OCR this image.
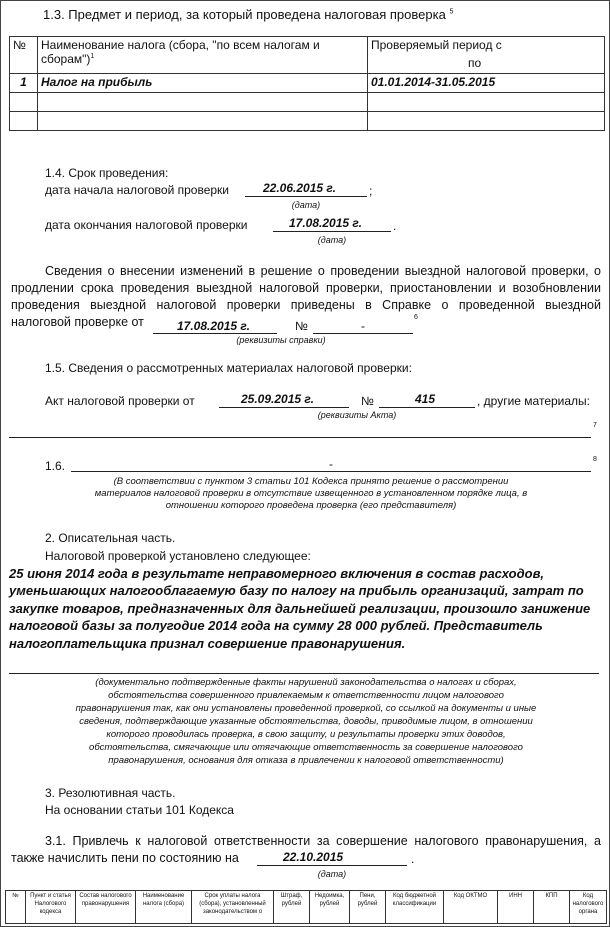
1.3. Предмет и период, за который проведена налоговая проверка $^5$
№	Наименование налога (сбора, "по всем налогам и сборам")$^1$	Проверяемый период с
по

1	Налог на прибыль	01.01.2014-31.05.2015

1.4. Срок проведения:
дата начала налоговой проверки	22.06.2015 г.	;
(дата)
дата окончания налоговой проверки	17.08.2015 г.	.
(дата)
Сведения о внесении изменений в решение о проведении выездной налоговой проверки, о продлении срока проведения выездной налоговой проверки, приостановлении и возобновлении проведения выездной налоговой проверки приведены в Справке о проведенной выездной налоговой проверке от	17.08.2015 г.	№	-
6
(реквизиты справки)
1.5. Сведения о рассмотренных материалах налоговой проверки:
Акт налоговой проверки от	25.09.2015 г.	№	415	, другие материалы:
(реквизиты Акта)
7
1.6.	-	8
(В соответствии с пунктом 3 статьи 101 Кодекса принято решение о рассмотрении материалов налоговой проверки в отсутствие извещенного в установленном порядке лица, в отношении которого проведена проверка (его представителя)
2. Описательная часть.
Налоговой проверкой установлено следующее:
25 июня 2014 года в результате неправомерного включения в состав расходов, уменьшающих налогооблагаемую базу по налогу на прибыль организаций, затрат по закупке товаров, предназначенных для дальнейшей реализации, произошло занижение налоговой базы за полугодие 2014 года на сумму 28 000 рублей. Представитель налогоплательщика признал совершение правонарушения.
(документально подтвержденные факты нарушений законодательства о налогах и сборах, обстоятельства совершенного привлекаемым к ответственности лицом налогового правонарушения так, как они установлены проведенной проверкой, со ссылкой на документы и иные сведения, подтверждающие указанные обстоятельства, доводы, приводимые лицом, в отношении которого проводилась проверка, в свою защиту, и результаты проверки этих доводов, обстоятельства, смягчающие или отягчающие ответственность за совершение налогового правонарушения, основания для отказа в привлечении к налоговой ответственности)
3. Резолютивная часть.
На основании статьи 101 Кодекса
3.1. Привлечь к налоговой ответственности за совершение налогового правонарушения, а также начислить пени по состоянию на	22.10.2015	.
(дата)
№	Пункт и статья Налогового кодекса	Состав налогового правонарушения	Наименование налога (сбора)	Срок уплаты налога (сбора), установленный законодательством о	Штраф, рублей	Недоимка, рублей	Пени, рублей	Код бюджетной классификации	Код ОКТМО	ИНН	КПП	Код налогового органа
